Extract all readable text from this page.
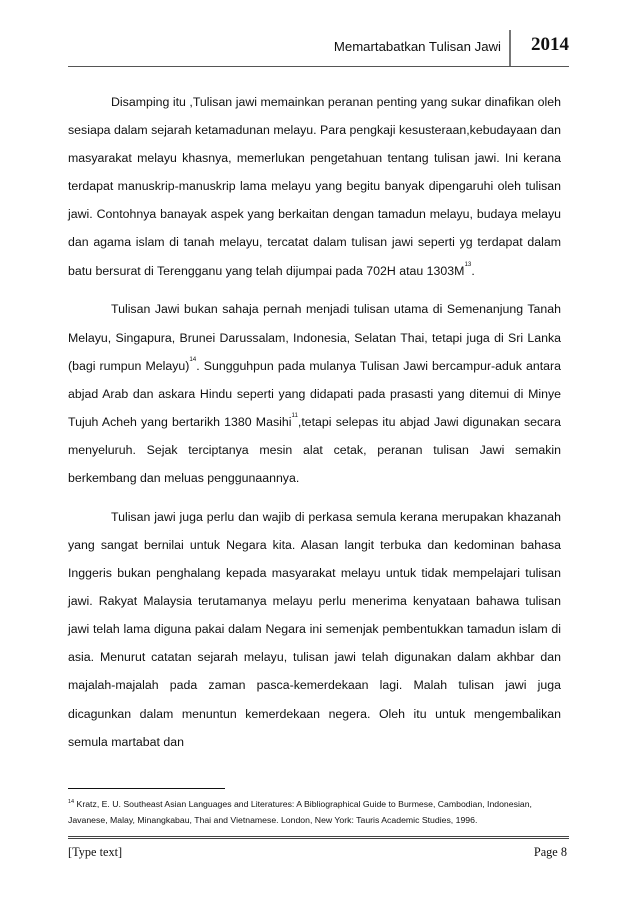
Memartabatkan Tulisan Jawi 2014

Disamping itu ,Tulisan jawi memainkan peranan penting yang sukar dinafikan oleh sesiapa dalam sejarah ketamadunan melayu. Para pengkaji kesusteraan,kebudayaan dan masyarakat melayu khasnya, memerlukan pengetahuan tentang tulisan jawi. Ini kerana terdapat manuskrip-manuskrip lama melayu yang begitu banyak dipengaruhi oleh tulisan jawi. Contohnya banayak aspek yang berkaitan dengan tamadun melayu, budaya melayu dan agama islam di tanah melayu, tercatat dalam tulisan jawi seperti yg terdapat dalam batu bersurat di Terengganu yang telah dijumpai pada 702H atau $1303M^{13}$.

Tulisan Jawi bukan sahaja pernah menjadi tulisan utama di Semenanjung Tanah Melayu, Singapura, Brunei Darussalam, Indonesia, Selatan Thai, tetapi juga di Sri Lanka (bagi rumpun Melayu)$^{14}$. Sungguhpun pada mulanya Tulisan Jawi bercampur-aduk antara abjad Arab dan askara Hindu seperti yang didapati pada prasasti yang ditemui di Minye Tujuh Acheh yang bertarikh 1380 Masihi$^{11}$,tetapi selepas itu abjad Jawi digunakan secara menyeluruh. Sejak terciptanya mesin alat cetak, peranan tulisan Jawi semakin berkembang dan meluas penggunaannya.

Tulisan jawi juga perlu dan wajib di perkasa semula kerana merupakan khazanah yang sangat bernilai untuk Negara kita. Alasan langit terbuka dan kedominan bahasa Inggeris bukan penghalang kepada masyarakat melayu untuk tidak mempelajari tulisan jawi. Rakyat Malaysia terutamanya melayu perlu menerima kenyataan bahawa tulisan jawi telah lama diguna pakai dalam Negara ini semenjak pembentukkan tamadun islam di asia. Menurut catatan sejarah melayu, tulisan jawi telah digunakan dalam akhbar dan majalah-majalah pada zaman pasca-kemerdekaan lagi. Malah tulisan jawi juga dicagunkan dalam menuntun kemerdekaan negera. Oleh itu untuk mengembalikan semula martabat dan

$^{14}$ Kratz, E. U. Southeast Asian Languages and Literatures: A Bibliographical Guide to Burmese, Cambodian, Indonesian, Javanese, Malay, Minangkabau, Thai and Vietnamese. London, New York: Tauris Academic Studies, 1996.
[Type text]	Page 8
